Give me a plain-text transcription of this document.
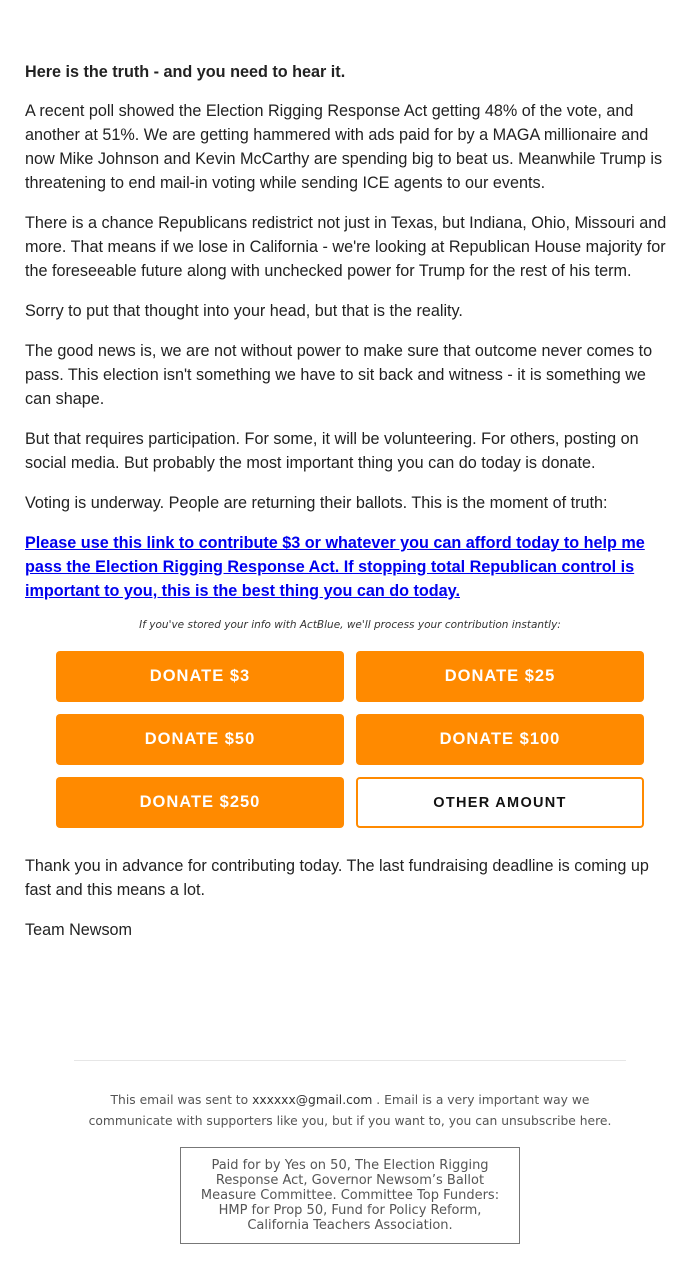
Here is the truth - and you need to hear it.

A recent poll showed the Election Rigging Response Act getting 48% of the vote, and another at 51%. We are getting hammered with ads paid for by a MAGA millionaire and now Mike Johnson and Kevin McCarthy are spending big to beat us. Meanwhile Trump is threatening to end mail-in voting while sending ICE agents to our events.

There is a chance Republicans redistrict not just in Texas, but Indiana, Ohio, Missouri and more. That means if we lose in California - we're looking at Republican House majority for the foreseeable future along with unchecked power for Trump for the rest of his term.

Sorry to put that thought into your head, but that is the reality.

The good news is, we are not without power to make sure that outcome never comes to pass. This election isn't something we have to sit back and witness - it is something we can shape.

But that requires participation. For some, it will be volunteering. For others, posting on social media. But probably the most important thing you can do today is donate.

Voting is underway. People are returning their ballots. This is the moment of truth:

Please use this link to contribute $3 or whatever you can afford today to help me pass the Election Rigging Response Act. If stopping total Republican control is important to you, this is the best thing you can do today.

If you've stored your info with ActBlue, we'll process your contribution instantly:

DONATE $3	DONATE $25
DONATE $50	DONATE $100
DONATE $250	OTHER AMOUNT

Thank you in advance for contributing today. The last fundraising deadline is coming up fast and this means a lot.

Team Newsom

This email was sent to xxxxxx@gmail.com . Email is a very important way we communicate with supporters like you, but if you want to, you can unsubscribe here.
Paid for by Yes on 50, The Election Rigging Response Act, Governor Newsom’s Ballot Measure Committee. Committee Top Funders: HMP for Prop 50, Fund for Policy Reform, California Teachers Association.
